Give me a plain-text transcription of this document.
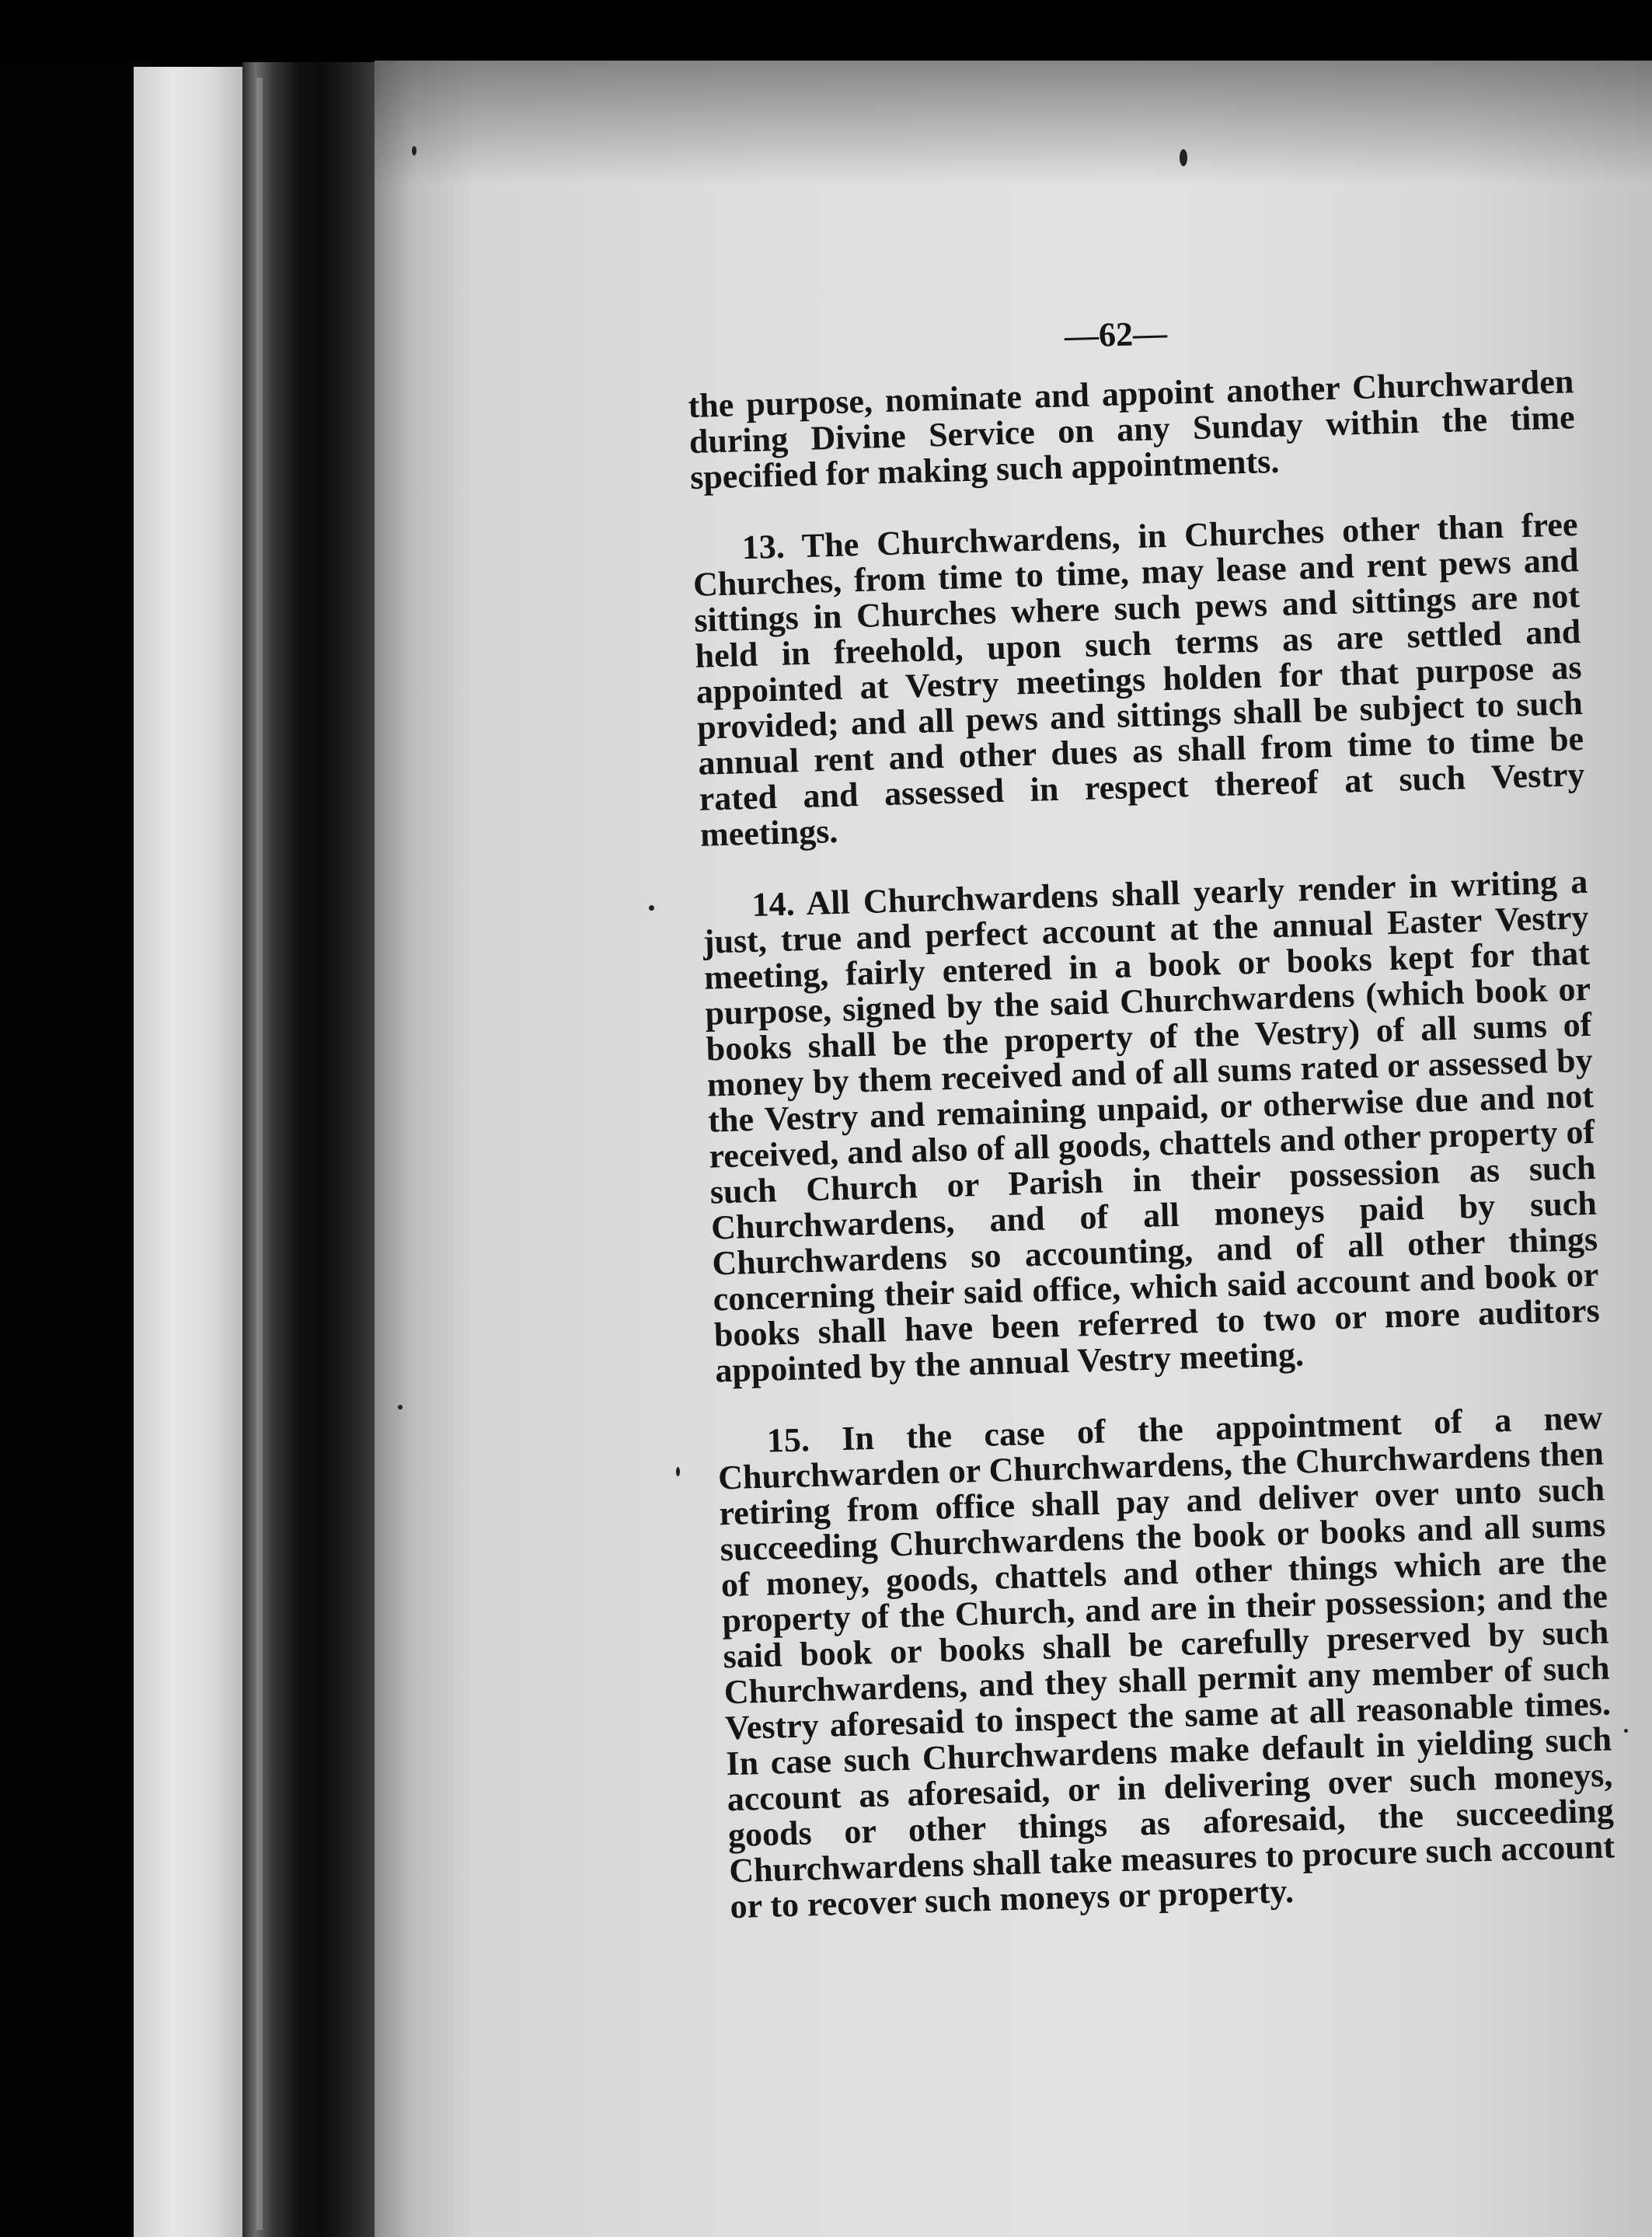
—62—

the purpose, nominate and appoint another Churchwarden during Divine Service on any Sunday within the time specified for making such appointments.

13. The Churchwardens, in Churches other than free Churches, from time to time, may lease and rent pews and sittings in Churches where such pews and sittings are not held in freehold, upon such terms as are settled and appointed at Vestry meetings holden for that purpose as provided; and all pews and sittings shall be subject to such annual rent and other dues as shall from time to time be rated and assessed in respect thereof at such Vestry meetings.

14. All Churchwardens shall yearly render in writing a just, true and perfect account at the annual Easter Vestry meeting, fairly entered in a book or books kept for that purpose, signed by the said Churchwardens (which book or books shall be the property of the Vestry) of all sums of money by them received and of all sums rated or assessed by the Vestry and remaining unpaid, or otherwise due and not received, and also of all goods, chattels and other property of such Church or Parish in their possession as such Churchwardens, and of all moneys paid by such Churchwardens so accounting, and of all other things concerning their said office, which said account and book or books shall have been referred to two or more auditors appointed by the annual Vestry meeting.

15. In the case of the appointment of a new Churchwarden or Churchwardens, the Churchwardens then retiring from office shall pay and deliver over unto such succeeding Churchwardens the book or books and all sums of money, goods, chattels and other things which are the property of the Church, and are in their possession; and the said book or books shall be carefully preserved by such Churchwardens, and they shall permit any member of such Vestry aforesaid to inspect the same at all reasonable times. In case such Churchwardens make default in yielding such account as aforesaid, or in delivering over such moneys, goods or other things as aforesaid, the succeeding Churchwardens shall take measures to procure such account or to recover such moneys or property.
